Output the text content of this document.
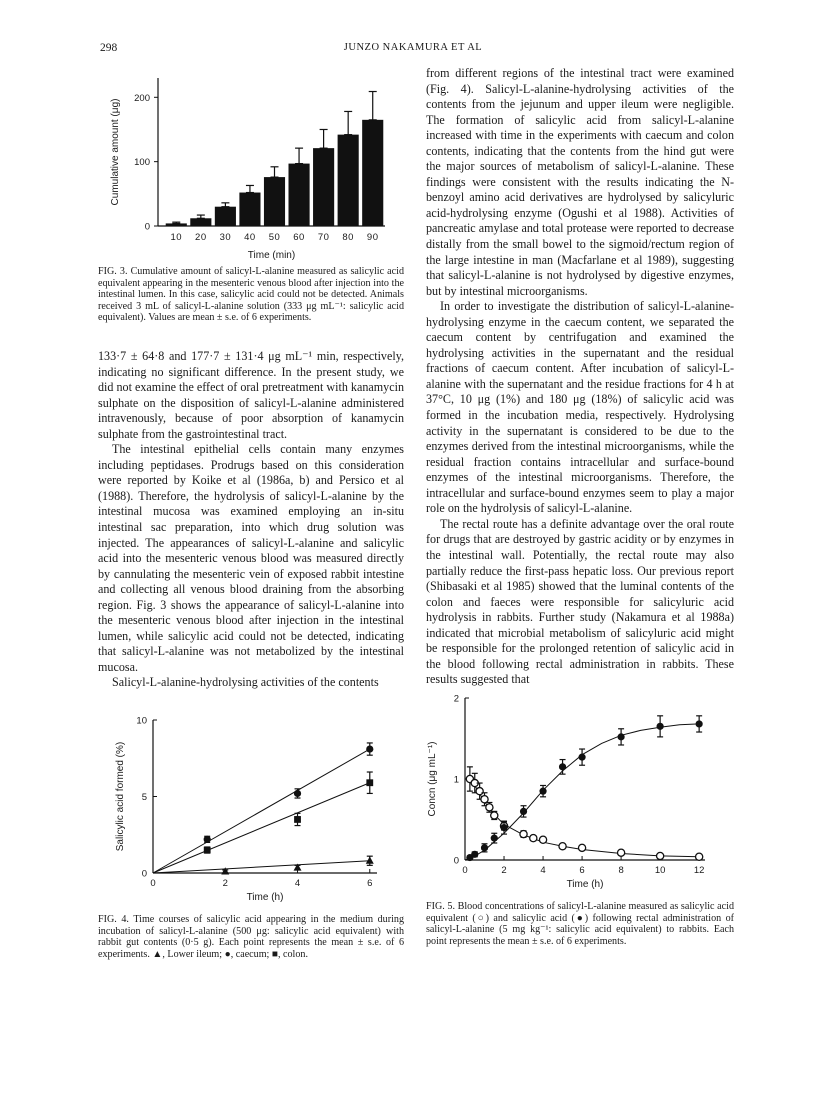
298	JUNZO NAKAMURA ET AL
0
100
200
10 20 30 40 50 60 70 80 90
Time (min)
Cumulative amount (μg)

FIG. 3. Cumulative amount of salicyl-L-alanine measured as salicylic acid equivalent appearing in the mesenteric venous blood after injection into the intestinal lumen. In this case, salicylic acid could not be detected. Animals received 3 mL of salicyl-L-alanine solution (333 μg mL⁻¹: salicylic acid equivalent). Values are mean ± s.e. of 6 experiments.

133·7 ± 64·8 and 177·7 ± 131·4 μg mL⁻¹ min, respectively, indicating no significant difference. In the present study, we did not examine the effect of oral pretreatment with kanamycin sulphate on the disposition of salicyl-L-alanine administered intravenously, because of poor absorption of kanamycin sulphate from the gastrointestinal tract.

The intestinal epithelial cells contain many enzymes including peptidases. Prodrugs based on this consideration were reported by Koike et al (1986a, b) and Persico et al (1988). Therefore, the hydrolysis of salicyl-L-alanine by the intestinal mucosa was examined employing an in-situ intestinal sac preparation, into which drug solution was injected. The appearances of salicyl-L-alanine and salicylic acid into the mesenteric venous blood was measured directly by cannulating the mesenteric vein of exposed rabbit intestine and collecting all venous blood draining from the absorbing region. Fig. 3 shows the appearance of salicyl-L-alanine into the mesenteric venous blood after injection in the intestinal lumen, while salicylic acid could not be detected, indicating that salicyl-L-alanine was not metabolized by the intestinal mucosa.

Salicyl-L-alanine-hydrolysing activities of the contents

from different regions of the intestinal tract were examined (Fig. 4). Salicyl-L-alanine-hydrolysing activities of the contents from the jejunum and upper ileum were negligible. The formation of salicylic acid from salicyl-L-alanine increased with time in the experiments with caecum and colon contents, indicating that the contents from the hind gut were the major sources of metabolism of salicyl-L-alanine. These findings were consistent with the results indicating the N-benzoyl amino acid derivatives are hydrolysed by salicyluric acid-hydrolysing enzyme (Ogushi et al 1988). Activities of pancreatic amylase and total protease were reported to decrease distally from the small bowel to the sigmoid/rectum region of the large intestine in man (Macfarlane et al 1989), suggesting that salicyl-L-alanine is not hydrolysed by digestive enzymes, but by intestinal microorganisms.

In order to investigate the distribution of salicyl-L-alanine-hydrolysing enzyme in the caecum content, we separated the caecum content by centrifugation and examined the hydrolysing activities in the supernatant and the residual fractions of caecum content. After incubation of salicyl-L-alanine with the supernatant and the residue fractions for 4 h at 37°C, 10 μg (1%) and 180 μg (18%) of salicylic acid was formed in the incubation media, respectively. Hydrolysing activity in the supernatant is considered to be due to the enzymes derived from the intestinal microorganisms, while the residual fraction contains intracellular and surface-bound enzymes of the intestinal microorganisms. Therefore, the intracellular and surface-bound enzymes seem to play a major role on the hydrolysis of salicyl-L-alanine.

The rectal route has a definite advantage over the oral route for drugs that are destroyed by gastric acidity or by enzymes in the intestinal wall. Potentially, the rectal route may also partially reduce the first-pass hepatic loss. Our previous report (Shibasaki et al 1985) showed that the luminal contents of the colon and faeces were responsible for salicyluric acid hydrolysis in rabbits. Further study (Nakamura et al 1988a) indicated that microbial metabolism of salicyluric acid might be responsible for the prolonged retention of salicylic acid in the blood following rectal administration in rabbits. These results suggested that

0
5
10
0	2	4	6
Time (h)
Salicylic acid formed (%)

FIG. 4. Time courses of salicylic acid appearing in the medium during incubation of salicyl-L-alanine (500 μg: salicylic acid equivalent) with rabbit gut contents (0·5 g). Each point represents the mean ± s.e. of 6 experiments. ▲, Lower ileum; ●, caecum; ■, colon.

0
1
2
0	2	4	6	8	10	12
Time (h)
Concn (μg mL⁻¹)

FIG. 5. Blood concentrations of salicyl-L-alanine measured as salicylic acid equivalent (○) and salicylic acid (●) following rectal administration of salicyl-L-alanine (5 mg kg⁻¹: salicylic acid equivalent) to rabbits. Each point represents the mean ± s.e. of 6 experiments.
